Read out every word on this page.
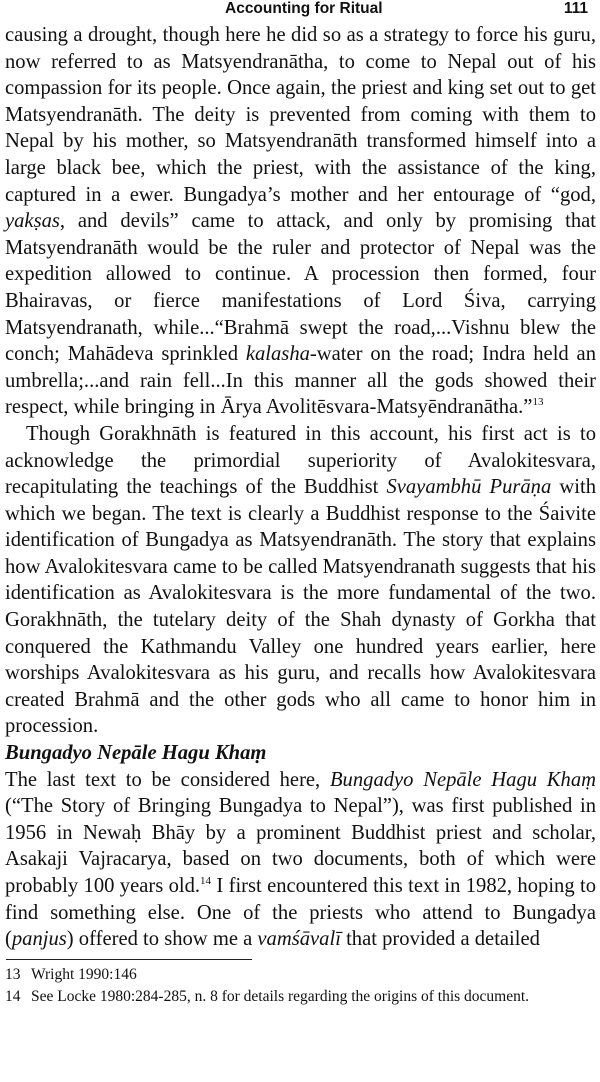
Accounting for Ritual	111

causing a drought, though here he did so as a strategy to force his guru, now referred to as Matsyendranātha, to come to Nepal out of his compassion for its people. Once again, the priest and king set out to get Matsyendranāth. The deity is prevented from coming with them to Nepal by his mother, so Matsyendranāth transformed himself into a large black bee, which the priest, with the assistance of the king, captured in a ewer. Bungadya’s mother and her entourage of “god, yakṣas, and devils” came to attack, and only by promising that Matsyendranāth would be the ruler and protector of Nepal was the expedition allowed to continue. A procession then formed, four Bhairavas, or fierce manifestations of Lord Śiva, carrying Matsyendranath, while...“Brahmā swept the road,...Vishnu blew the conch; Mahādeva sprinkled kalasha-water on the road; Indra held an umbrella;...and rain fell...In this manner all the gods showed their respect, while bringing in Ārya Avolitēsvara-Matsyēndranātha.”$^{13}$

Though Gorakhnāth is featured in this account, his first act is to acknowledge the primordial superiority of Avalokitesvara, recapitulating the teachings of the Buddhist Svayambhū Purāṇa with which we began. The text is clearly a Buddhist response to the Śaivite identification of Bungadya as Matsyendranāth. The story that explains how Avalokitesvara came to be called Matsyendranath suggests that his identification as Avalokitesvara is the more fundamental of the two. Gorakhnāth, the tutelary deity of the Shah dynasty of Gorkha that conquered the Kathmandu Valley one hundred years earlier, here worships Avalokitesvara as his guru, and recalls how Avalokitesvara created Brahmā and the other gods who all came to honor him in procession.

Bungadyo Nepāle Hagu Khaṃ

The last text to be considered here, Bungadyo Nepāle Hagu Khaṃ (“The Story of Bringing Bungadya to Nepal”), was first published in 1956 in Newaḥ Bhāy by a prominent Buddhist priest and scholar, Asakaji Vajracarya, based on two documents, both of which were probably 100 years old.$^{14}$ I first encountered this text in 1982, hoping to find something else. One of the priests who attend to Bungadya (panjus) offered to show me a vamśāvalī that provided a detailed

13 Wright 1990:146
14 See Locke 1980:284-285, n. 8 for details regarding the origins of this document.
